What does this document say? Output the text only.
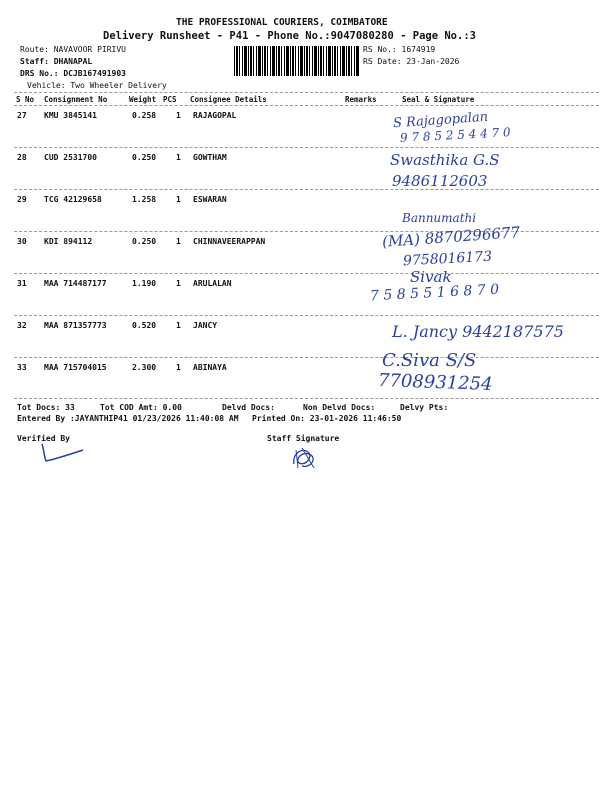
THE PROFESSIONAL COURIERS, COIMBATORE
Delivery Runsheet - P41 - Phone No.:9047080280 - Page No.:3
Route: NAVAVOOR PIRIVU
Staff: DHANAPAL
DRS No.: DCJB167491903
Vehicle: Two Wheeler Delivery
RS No.: 1674919
RS Date: 23-Jan-2026
S No Consignment No	Weight PCS Consignee Details	Remarks	Seal & Signature
27 KMU 3845141	0.258 1 RAJAGOPAL	S Rajagopalan
9 7 8 5 2 5 4 4 7 0
28 CUD 2531700	0.250 1 GOWTHAM	Swasthika G.S
9486112603
29 TCG 42129658	1.258 1 ESWARAN
Bannumathi
30 KDI 894112	0.250 1 CHINNAVEERAPPAN	(MA) 8870296677
9758016173
31 MAA 714487177	1.190 1 ARULALAN	Sivak
7 5 8 5 5 1 6 8 7 0
32 MAA 871357773	0.520 1 JANCY	L. Jancy 9442187575
33 MAA 715704015	2.300 1 ABINAYA	C.Siva S/S
7708931254
Tot Docs: 33	Tot COD Amt: 0.00	Delvd Docs:	Non Delvd Docs:	Delvy Pts:
Entered By :JAYANTHIP41 01/23/2026 11:40:08 AM Printed On: 23-01-2026 11:46:50
Verified By	Staff Signature
